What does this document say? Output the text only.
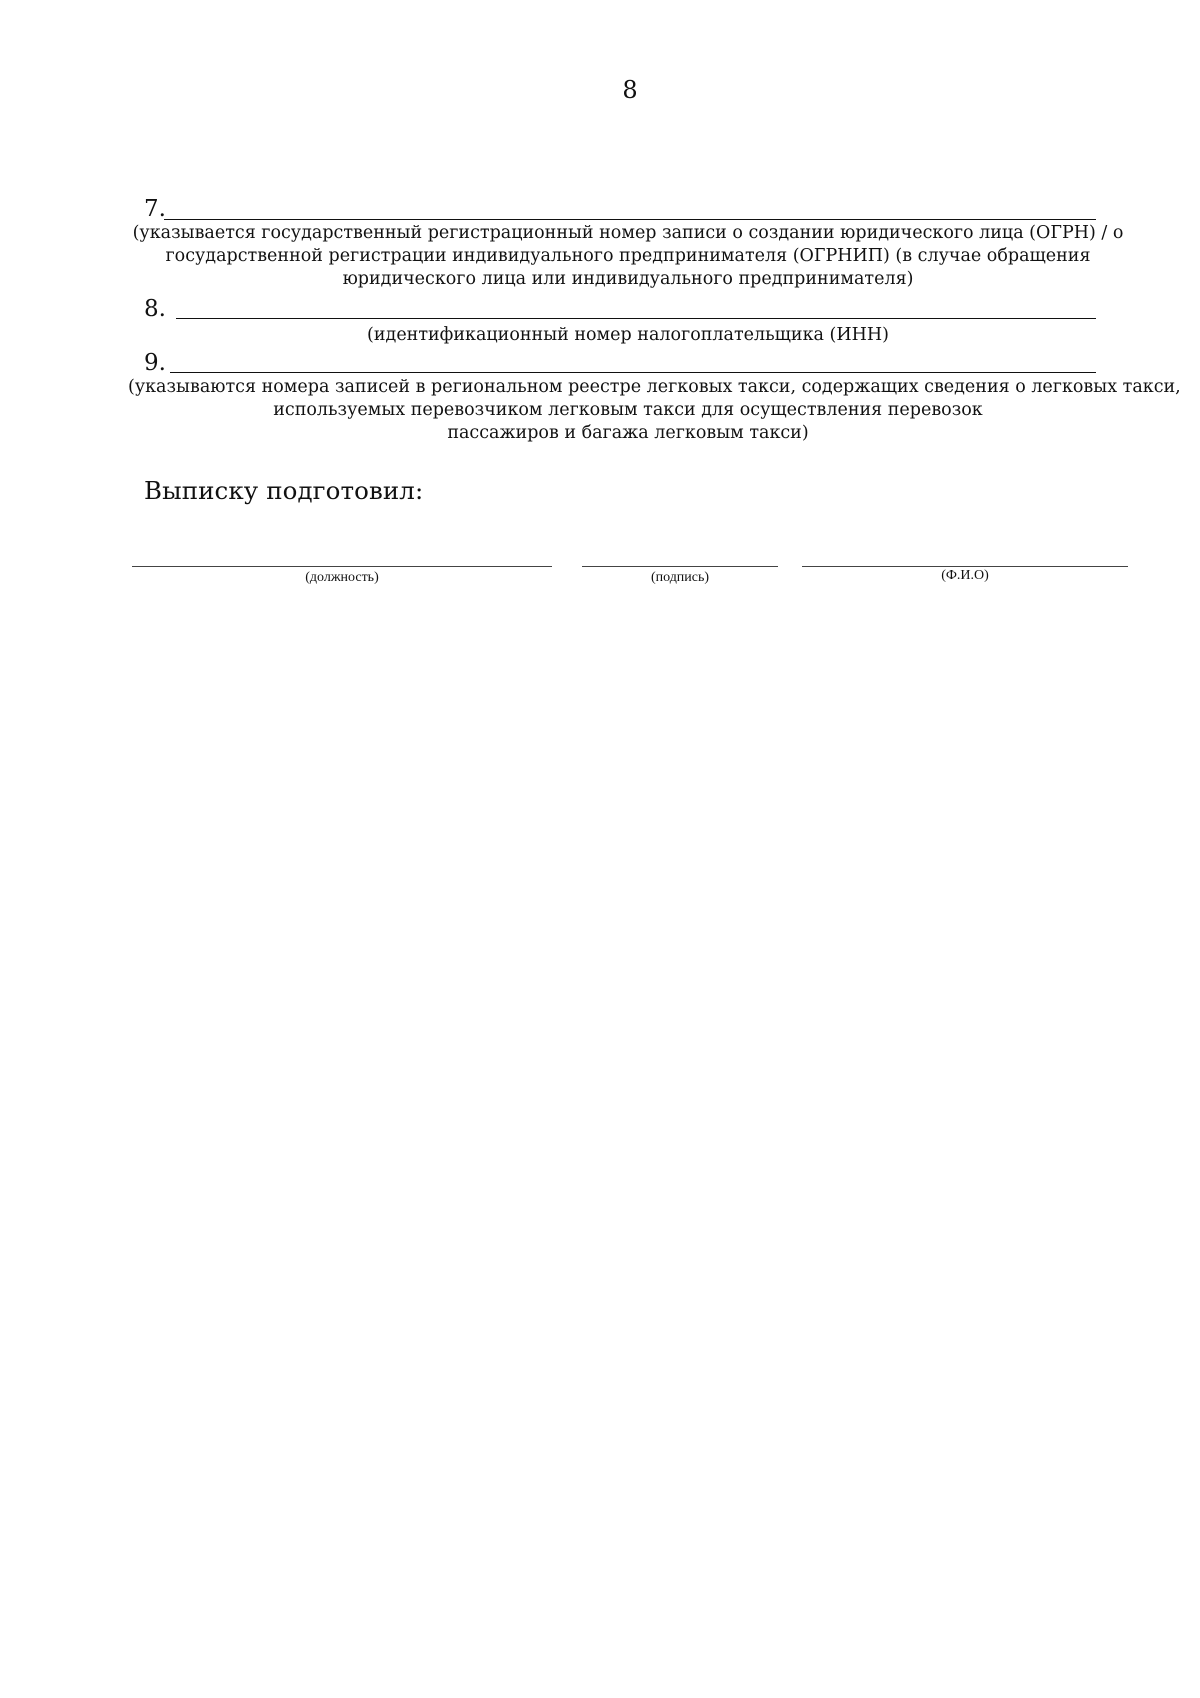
8
7.
(указывается государственный регистрационный номер записи о создании юридического лица (ОГРН) / о
государственной регистрации индивидуального предпринимателя (ОГРНИП) (в случае обращения
юридического лица или индивидуального предпринимателя)
8.
(идентификационный номер налогоплательщика (ИНН)
9.
(указываются номера записей в региональном реестре легковых такси, содержащих сведения о легковых такси,
используемых перевозчиком легковым такси для осуществления перевозок
пассажиров и багажа легковым такси)
Выписку подготовил:
(должность)	(подпись)	(Ф.И.О)
